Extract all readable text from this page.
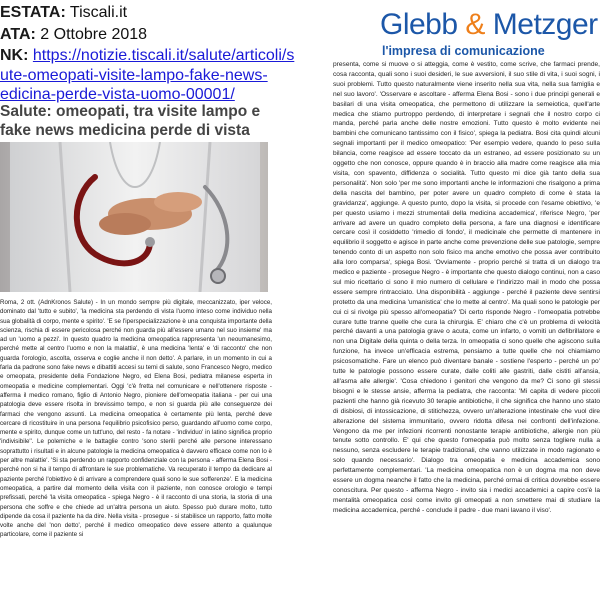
ESTATA: Tiscali.it
ATA: 2 Ottobre 2018
NK: https://notizie.tiscali.it/salute/articoli/s
ute-omeopati-visite-lampo-fake-news-
edicina-perde-vista-uomo-00001/
Salute: omeopati, tra visite lampo e fake news medicina perde di vista
Roma, 2 ott. (AdnKronos Salute) - In un mondo sempre più digitale, meccanizzato, iper veloce, dominato dal 'tutto e subito', 'la medicina sta perdendo di vista l'uomo inteso come individuo nella sua globalità di corpo, mente e spirito'. 'E se l'iperspecializzazione è una conquista importante della scienza, rischia di essere pericolosa perché non guarda più all'essere umano nel suo insieme' ma ad un 'uomo a pezzi'. In questo quadro la medicina omeopatica rappresenta 'un neoumanesimo, perché mette al centro l'uomo e non la malattia', è una medicina 'lenta' e 'di racconto' che non guarda l'orologio, ascolta, osserva e coglie anche il non detto'. A parlare, in un momento in cui a farla da padrone sono fake news e dibattiti accesi su temi di salute, sono Francesco Negro, medico e omeopata, presidente della Fondazione Negro, ed Elena Bosi, pediatra milanese esperta in omeopatia e medicine complementari. Oggi 'c'è fretta nel comunicare e nell'ottenere risposte - afferma il medico romano, figlio di Antonio Negro, pioniere dell'omeopatia italiana - per cui una patologia deve essere risolta in brevissimo tempo, e non si guarda più alle conseguenze dei farmaci che vengono assunti. La medicina omeopatica è certamente più lenta, perché deve cercare di ricostituire in una persona l'equilibrio psicofisico perso, guardando all'uomo come corpo, mente e spirito, dunque come un tutt'uno, del resto - fa notare - 'individuo' in latino significa proprio 'indivisibile''. Le polemiche e le battaglie contro 'sono sterili perché alle persone interessano soprattutto i risultati e in alcune patologie la medicina omeopatica è davvero efficace come non lo è per altre malattie'. 'Si sta perdendo un rapporto confidenziale con la persona - afferma Elena Bosi - perché non si ha il tempo di affrontare le sue problematiche. Va recuperato il tempo da dedicare al paziente perché l'obiettivo è di arrivare a comprendere quali sono le sue sofferenze'. E la medicina omeopatica, a partire dal momento della visita con il paziente, non conosce orologio e tempi prefissati, perché 'la visita omeopatica - spiega Negro - è il racconto di una storia, la storia di una persona che soffre e che chiede ad un'altra persona un aiuto. Spesso può durare molto, tutto dipende da cosa il paziente ha da dire. Nella visita - prosegue - si stabilisce un rapporto, fatto molte volte anche del 'non detto', perché il medico omeopatico deve essere attento a qualunque particolare, come il paziente si
Glebb & Metzger
l'impresa di comunicazione
presenta, come si muove o si atteggia, come è vestito, come scrive, che farmaci prende, cosa racconta, quali sono i suoi desideri, le sue avversioni, il suo stile di vita, i suoi sogni, i suoi problemi. Tutto questo naturalmente viene inserito nella sua vita, nella sua famiglia e nel suo lavoro'. 'Osservare e ascoltare - afferma Elena Bosi - sono i due principi generali e basilari di una visita omeopatica, che permettono di utilizzare la semeiotica, quell'arte medica che stiamo purtroppo perdendo, di interpretare i segnali che il nostro corpo ci manda, perché parla anche delle nostre emozioni. Tutto questo è molto evidente nei bambini che comunicano tantissimo con il fisico', spiega la pediatra. Bosi cita quindi alcuni segnali importanti per il medico omeopatico: 'Per esempio vedere, quando lo peso sulla bilancia, come reagisce ad essere toccato da un estraneo, ad essere posizionato su un oggetto che non conosce, oppure quando è in braccio alla madre come reagisce alla mia visita, con spavento, diffidenza o socialità. Tutto questo mi dice già tanto della sua personalità'. Non solo 'per me sono importanti anche le informazioni che risalgono a prima della nascita del bambino, per poter avere un quadro completo di come è stata la gravidanza', aggiunge. A questo punto, dopo la visita, si procede con l'esame obiettivo, 'e per questo usiamo i mezzi strumentali della medicina accademica', riferisce Negro, 'per arrivare ad avere un quadro completo della persona, a fare una diagnosi e identificare cercare così il cosiddetto 'rimedio di fondo', il medicinale che permette di mantenere in equilibrio il soggetto e agisce in parte anche come prevenzione delle sue patologie, sempre tenendo conto di un aspetto non solo fisico ma anche emotivo che possa aver contribuito alla loro comparsa', spiega Bosi. 'Ovviamente - proprio perché si tratta di un dialogo tra medico e paziente - prosegue Negro - è importante che questo dialogo continui, non a caso sul mio ricettario ci sono il mio numero di cellulare e l'indirizzo mail in modo che possa essere sempre rintracciato. Una disponibilità - aggiunge - perché il paziente deve sentirsi protetto da una medicina 'umanistica' che lo mette al centro'. Ma quali sono le patologie per cui ci si rivolge più spesso all'omeopatia? 'Di certo risponde Negro - l'omeopatia potrebbe curare tutte tranne quelle che cura la chirurgia. E' chiaro che c'è un problema di velocità perché davanti a una patologia grave o acuta, come un infarto, o vomiti un defibrillatore e non una Digitale della quinta o della terza. In omeopatia ci sono quelle che agiscono sulla funzione, ha invece un'efficacia estrema, pensiamo a tutte quelle che noi chiamiamo psicosomatiche. Fare un elenco può diventare banale - sostiene l'esperto - perché un po' tutte le patologie possono essere curate, dalle coliti alle gastriti, dalle cistiti all'ansia, all'asma alle allergie'. 'Cosa chiedono i genitori che vengono da me? Ci sono gli stessi bisogni e le stesse ansie, afferma la pediatra, che racconta: 'Mi capita di vedere piccoli pazienti che hanno già ricevuto 30 terapie antibiotiche, il che significa che hanno uno stato di disbiosi, di intossicazione, di stitichezza, ovvero un'alterazione intestinale che vuol dire alterazione del sistema immunitario, ovvero ridotta difesa nei confronti dell'infezione. Vengono da me per infezioni ricorrenti nonostante terapie antibiotiche, allergie non più tenute sotto controllo. E' qui che questo l'omeopatia può molto senza togliere nulla a nessuno, senza escludere le terapie tradizionali, che vanno utilizzate in modo ragionato e solo quando necessario'. Dialogo tra omeopatia e medicina accademica sono perfettamente complementari. 'La medicina omeopatica non è un dogma ma non deve essere un dogma neanche il fatto che la medicina, perché ormai di critica dovrebbe essere conoscitura. Per questo - afferma Negro - invito sia i medici accademici a capire cos'è la mentalità omeopatica così come invito gli omeopati a non smettere mai di studiare la medicina accademica, perché - conclude il padre - due mani lavano il viso'.
